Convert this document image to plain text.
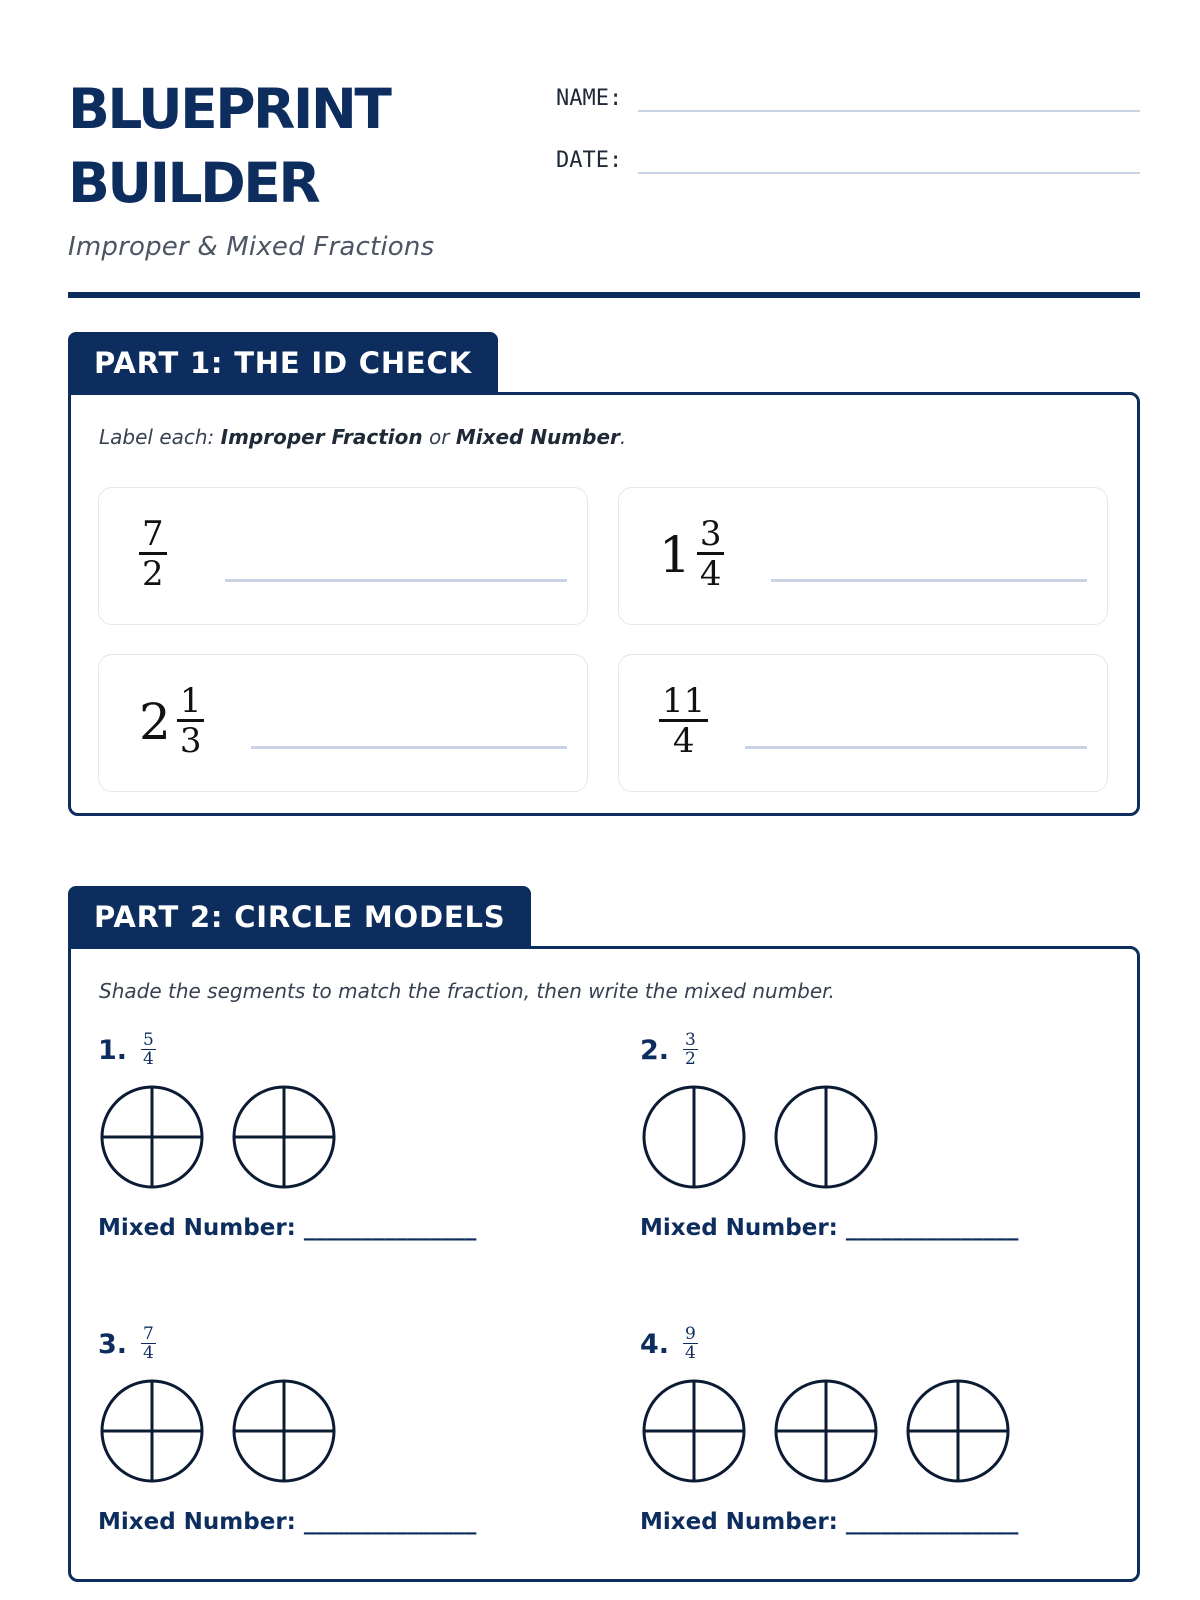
BLUEPRINT
BUILDER
Improper & Mixed Fractions
NAME:
DATE:
PART 1: THE ID CHECK
Label each: Improper Fraction or Mixed Number.
$\frac{7}{2}$	$1 \frac{3}{4}$
$2 \frac{1}{3}$	$\frac{11}{4}$
PART 2: CIRCLE MODELS
Shade the segments to match the fraction, then write the mixed number.
1. $\frac{5}{4}$
Mixed Number: _______________
2. $\frac{3}{2}$
Mixed Number: _______________
3. $\frac{7}{4}$
Mixed Number: _______________
4. $\frac{9}{4}$
Mixed Number: _______________
